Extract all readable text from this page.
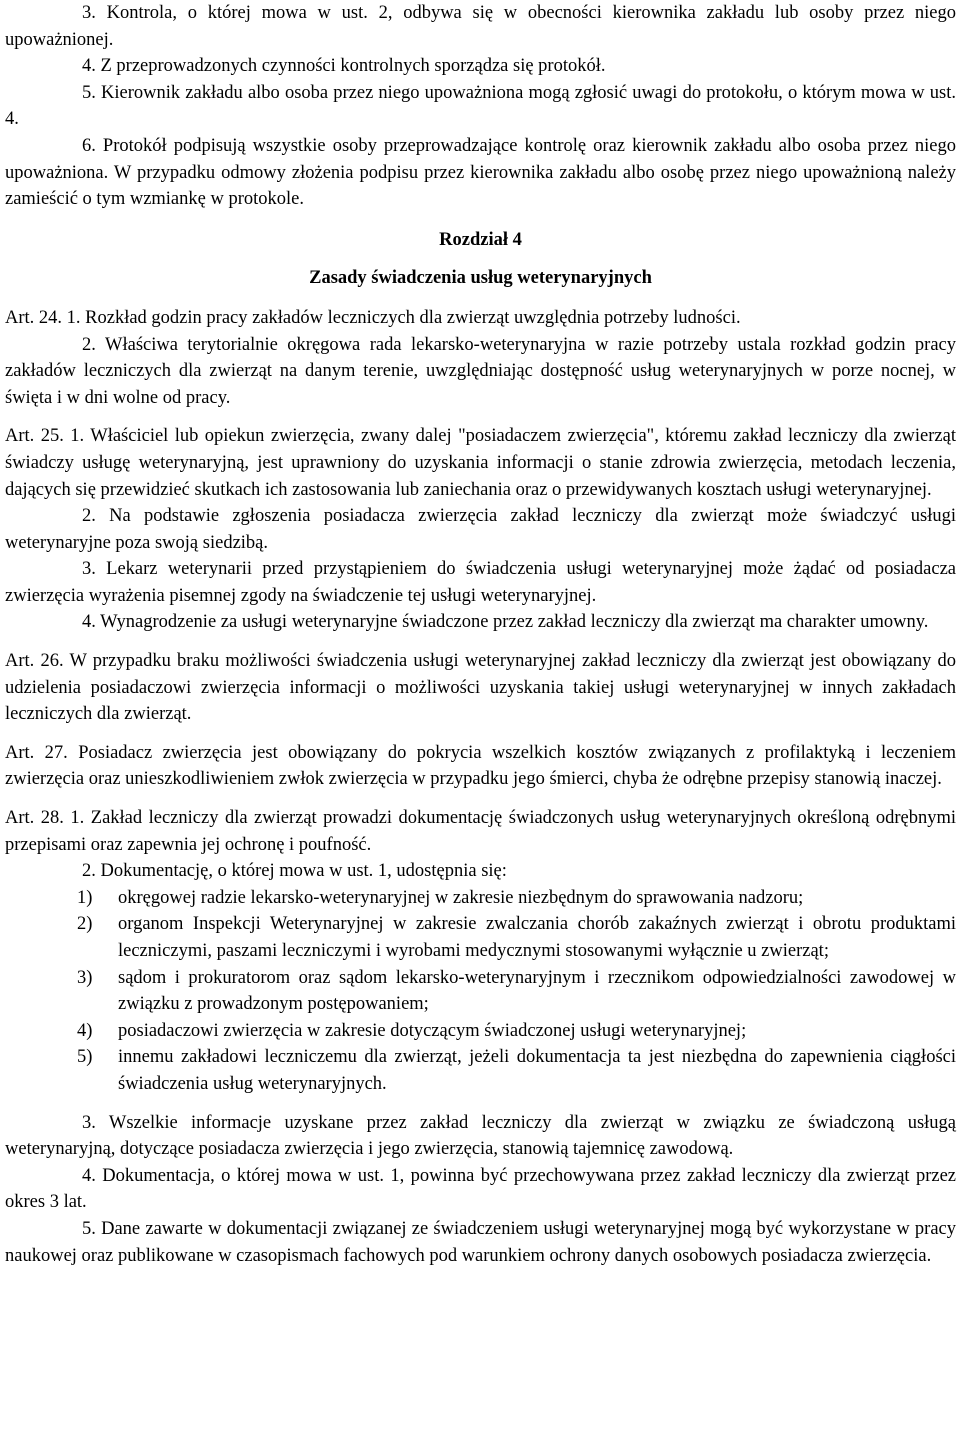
3. Kontrola, o której mowa w ust. 2, odbywa się w obecności kierownika zakładu lub osoby przez niego upoważnionej.

4. Z przeprowadzonych czynności kontrolnych sporządza się protokół.

5. Kierownik zakładu albo osoba przez niego upoważniona mogą zgłosić uwagi do protokołu, o którym mowa w ust. 4.

6. Protokół podpisują wszystkie osoby przeprowadzające kontrolę oraz kierownik zakładu albo osoba przez niego upoważniona. W przypadku odmowy złożenia podpisu przez kierownika zakładu albo osobę przez niego upoważnioną należy zamieścić o tym wzmiankę w protokole.

Rozdział 4

Zasady świadczenia usług weterynaryjnych

Art. 24. 1. Rozkład godzin pracy zakładów leczniczych dla zwierząt uwzględnia potrzeby ludności.

2. Właściwa terytorialnie okręgowa rada lekarsko-weterynaryjna w razie potrzeby ustala rozkład godzin pracy zakładów leczniczych dla zwierząt na danym terenie, uwzględniając dostępność usług weterynaryjnych w porze nocnej, w święta i w dni wolne od pracy.

Art. 25. 1. Właściciel lub opiekun zwierzęcia, zwany dalej "posiadaczem zwierzęcia", któremu zakład leczniczy dla zwierząt świadczy usługę weterynaryjną, jest uprawniony do uzyskania informacji o stanie zdrowia zwierzęcia, metodach leczenia, dających się przewidzieć skutkach ich zastosowania lub zaniechania oraz o przewidywanych kosztach usługi weterynaryjnej.

2. Na podstawie zgłoszenia posiadacza zwierzęcia zakład leczniczy dla zwierząt może świadczyć usługi weterynaryjne poza swoją siedzibą.

3. Lekarz weterynarii przed przystąpieniem do świadczenia usługi weterynaryjnej może żądać od posiadacza zwierzęcia wyrażenia pisemnej zgody na świadczenie tej usługi weterynaryjnej.

4. Wynagrodzenie za usługi weterynaryjne świadczone przez zakład leczniczy dla zwierząt ma charakter umowny.

Art. 26. W przypadku braku możliwości świadczenia usługi weterynaryjnej zakład leczniczy dla zwierząt jest obowiązany do udzielenia posiadaczowi zwierzęcia informacji o możliwości uzyskania takiej usługi weterynaryjnej w innych zakładach leczniczych dla zwierząt.

Art. 27. Posiadacz zwierzęcia jest obowiązany do pokrycia wszelkich kosztów związanych z profilaktyką i leczeniem zwierzęcia oraz unieszkodliwieniem zwłok zwierzęcia w przypadku jego śmierci, chyba że odrębne przepisy stanowią inaczej.

Art. 28. 1. Zakład leczniczy dla zwierząt prowadzi dokumentację świadczonych usług weterynaryjnych określoną odrębnymi przepisami oraz zapewnia jej ochronę i poufność.

2. Dokumentację, o której mowa w ust. 1, udostępnia się:

1) okręgowej radzie lekarsko-weterynaryjnej w zakresie niezbędnym do sprawowania nadzoru;
2) organom Inspekcji Weterynaryjnej w zakresie zwalczania chorób zakaźnych zwierząt i obrotu produktami leczniczymi, paszami leczniczymi i wyrobami medycznymi stosowanymi wyłącznie u zwierząt;
3) sądom i prokuratorom oraz sądom lekarsko-weterynaryjnym i rzecznikom odpowiedzialności zawodowej w związku z prowadzonym postępowaniem;
4) posiadaczowi zwierzęcia w zakresie dotyczącym świadczonej usługi weterynaryjnej;
5) innemu zakładowi leczniczemu dla zwierząt, jeżeli dokumentacja ta jest niezbędna do zapewnienia ciągłości świadczenia usług weterynaryjnych.

3. Wszelkie informacje uzyskane przez zakład leczniczy dla zwierząt w związku ze świadczoną usługą weterynaryjną, dotyczące posiadacza zwierzęcia i jego zwierzęcia, stanowią tajemnicę zawodową.

4. Dokumentacja, o której mowa w ust. 1, powinna być przechowywana przez zakład leczniczy dla zwierząt przez okres 3 lat.

5. Dane zawarte w dokumentacji związanej ze świadczeniem usługi weterynaryjnej mogą być wykorzystane w pracy naukowej oraz publikowane w czasopismach fachowych pod warunkiem ochrony danych osobowych posiadacza zwierzęcia.
